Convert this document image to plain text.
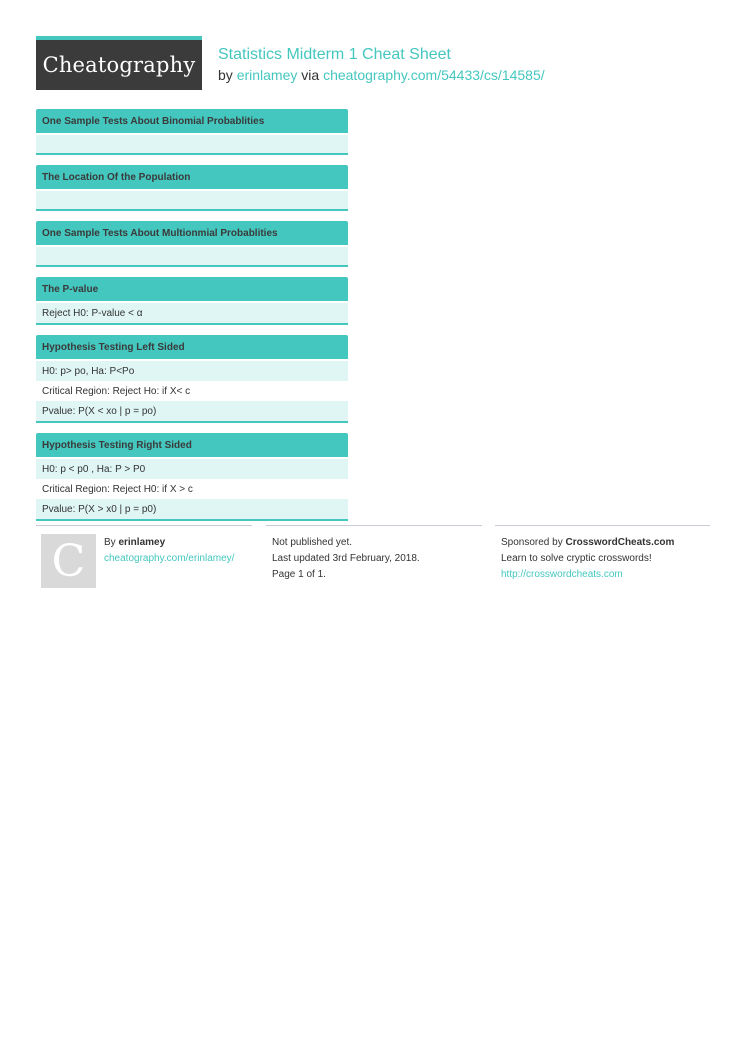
Cheatography Statistics Midterm 1 Cheat Sheet
by erinlamey via cheatography.com/54433/cs/14585/
One Sample Tests About Binomial Probablities
The Location Of the Population
One Sample Tests About Multionmial Probablities
The P-value
Reject H0: P-value < α
Hypothesis Testing Left Sided
H0: p> po, Ha: P<Po
Critical Region: Reject Ho: if X< c
Pvalue: P(X < xo | p = po)
Hypothesis Testing Right Sided
H0: p < p0 , Ha: P > P0
Critical Region: Reject H0: if X > c
Pvalue: P(X > x0 | p = p0)
C	By erinlamey
cheatography.com/erinlamey/
Not published yet.
Last updated 3rd February, 2018.
Page 1 of 1.
Sponsored by CrosswordCheats.com
Learn to solve cryptic crosswords!
http://crosswordcheats.com
